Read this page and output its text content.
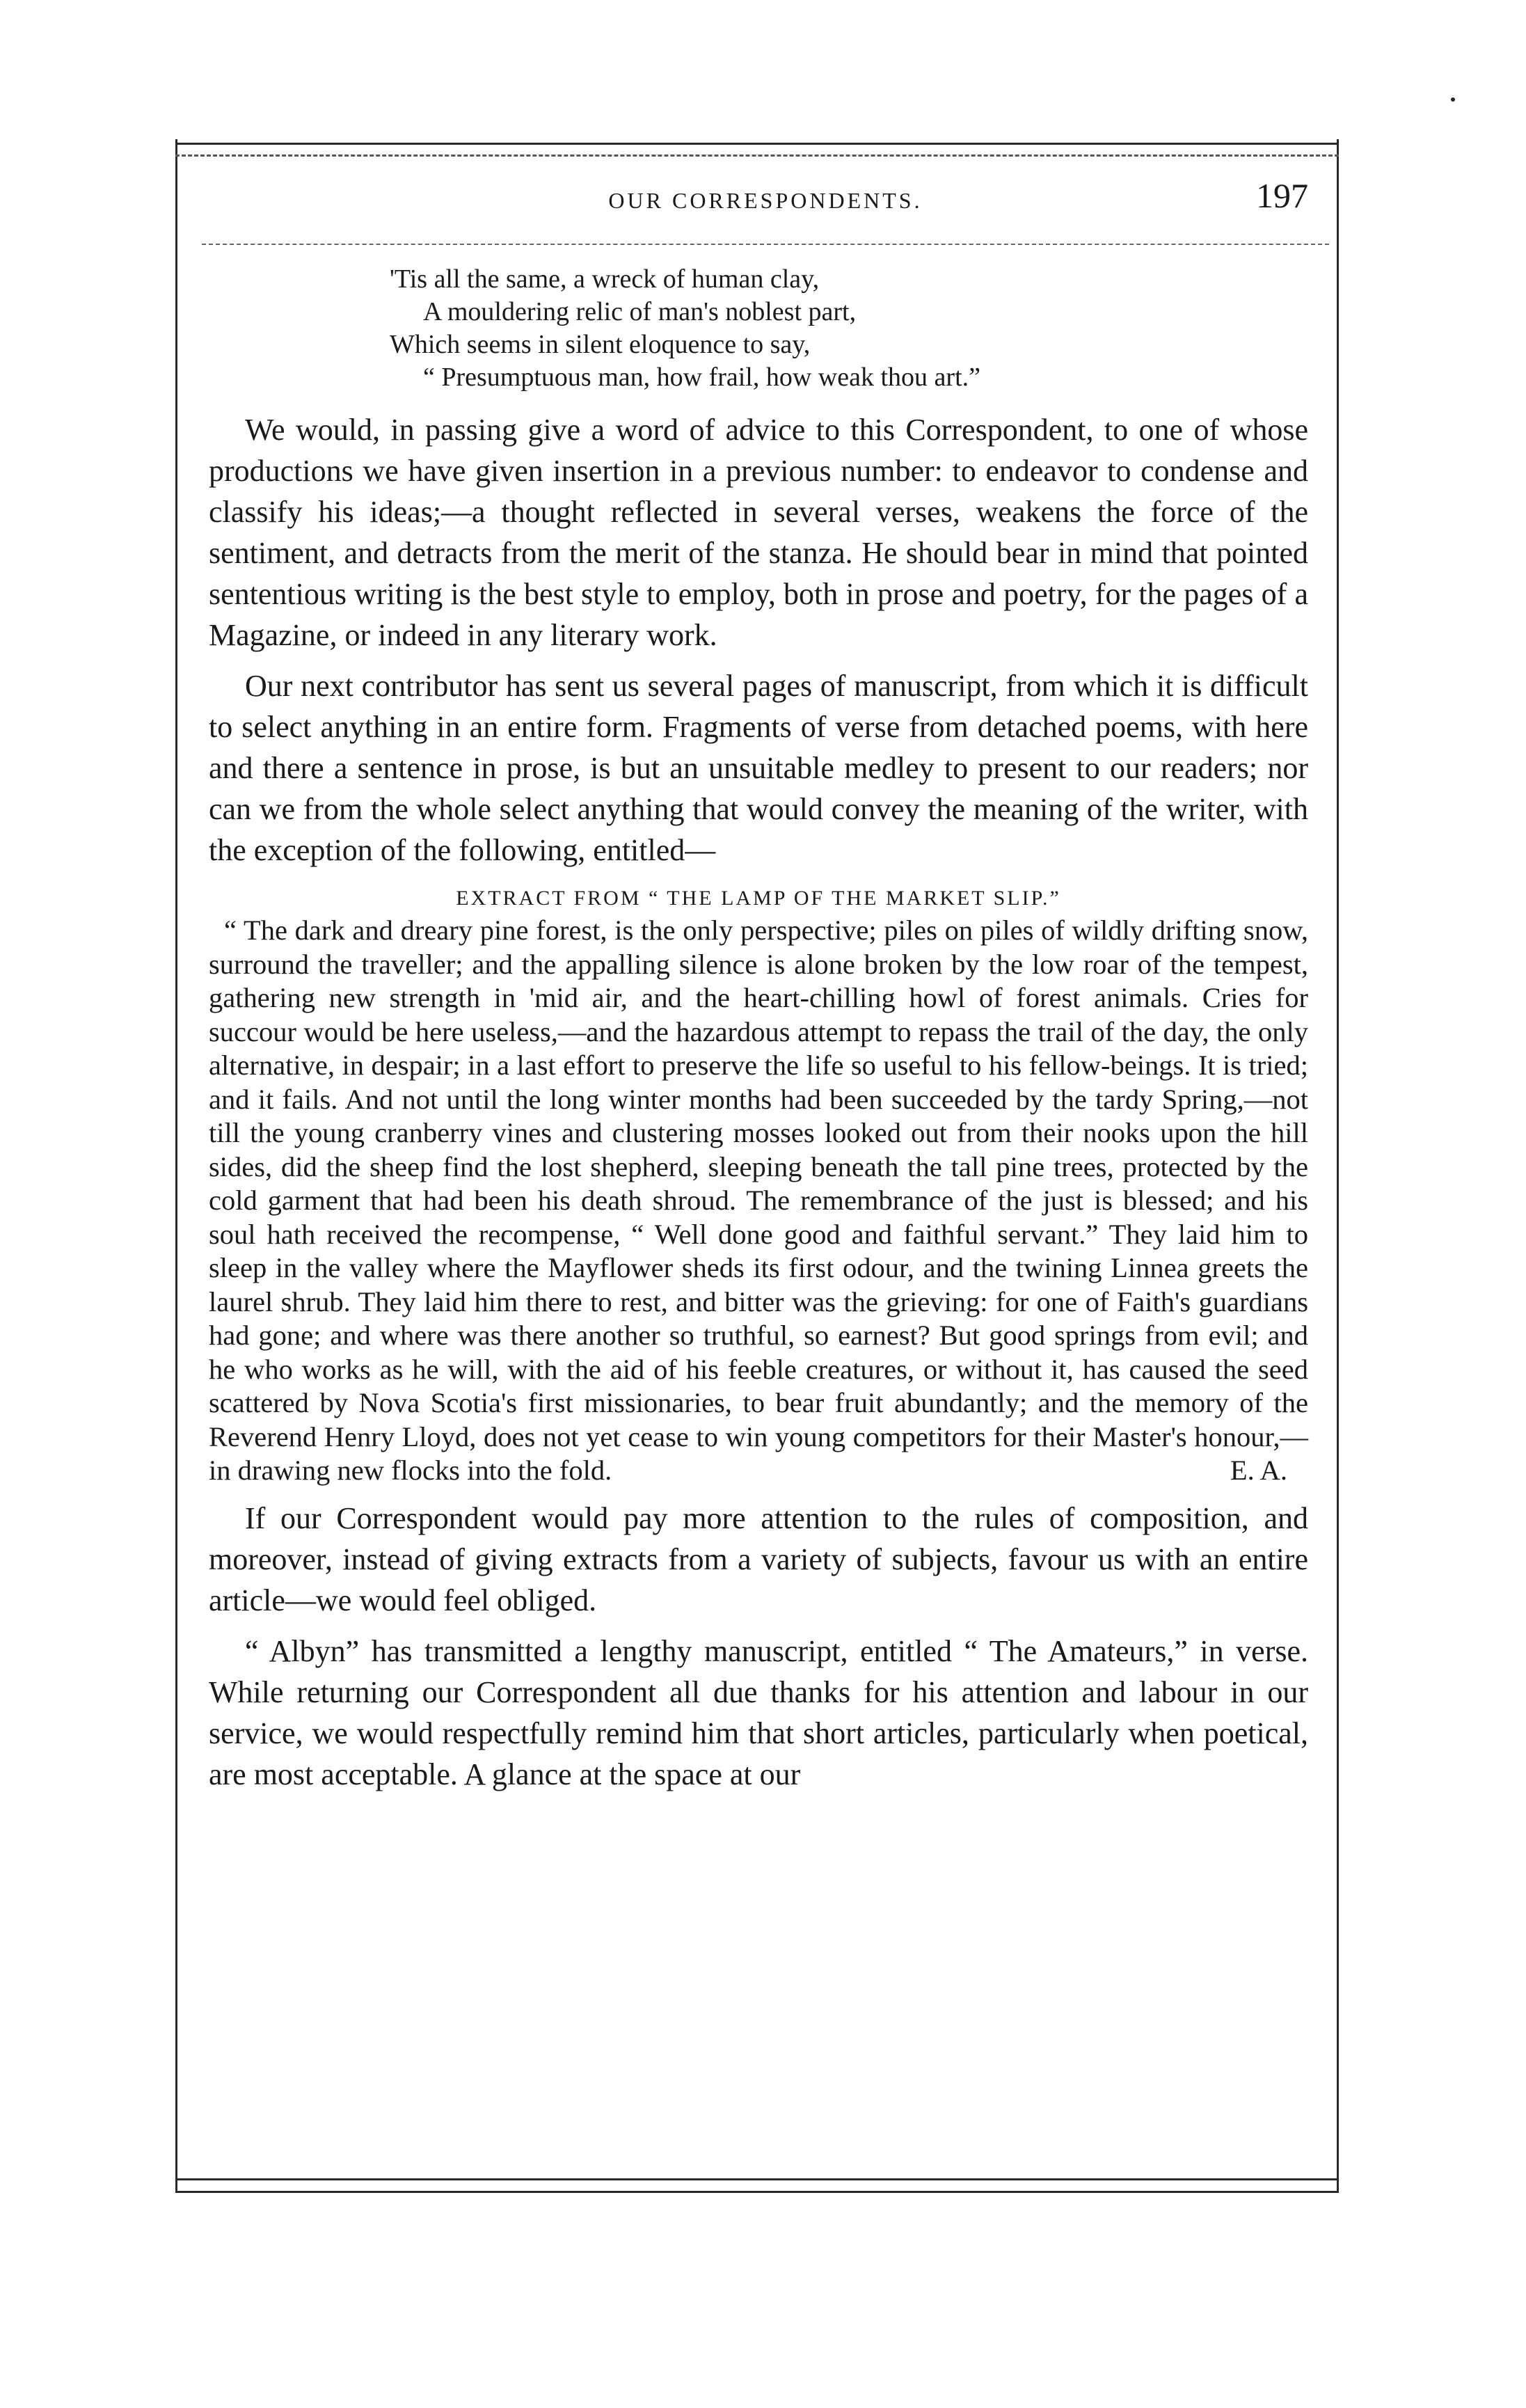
OUR CORRESPONDENTS.	197
'Tis all the same, a wreck of human clay,
A mouldering relic of man's noblest part,
Which seems in silent eloquence to say,
“ Presumptuous man, how frail, how weak thou art.”

We would, in passing give a word of advice to this Correspondent, to one of whose productions we have given insertion in a previous number: to endeavor to condense and classify his ideas;—a thought reflected in several verses, weakens the force of the sentiment, and detracts from the merit of the stanza. He should bear in mind that pointed sententious writing is the best style to employ, both in prose and poetry, for the pages of a Magazine, or indeed in any literary work.

Our next contributor has sent us several pages of manuscript, from which it is difficult to select anything in an entire form. Fragments of verse from detached poems, with here and there a sentence in prose, is but an unsuitable medley to present to our readers; nor can we from the whole select anything that would convey the meaning of the writer, with the exception of the following, entitled—

EXTRACT FROM “ THE LAMP OF THE MARKET SLIP.”

“ The dark and dreary pine forest, is the only perspective; piles on piles of wildly drifting snow, surround the traveller; and the appalling silence is alone broken by the low roar of the tempest, gathering new strength in 'mid air, and the heart-chilling howl of forest animals. Cries for succour would be here useless,—and the hazardous attempt to repass the trail of the day, the only alternative, in despair; in a last effort to preserve the life so useful to his fellow-beings. It is tried; and it fails. And not until the long winter months had been succeeded by the tardy Spring,—not till the young cranberry vines and clustering mosses looked out from their nooks upon the hill sides, did the sheep find the lost shepherd, sleeping beneath the tall pine trees, protected by the cold garment that had been his death shroud. The remembrance of the just is blessed; and his soul hath received the recompense, “ Well done good and faithful servant.” They laid him to sleep in the valley where the Mayflower sheds its first odour, and the twining Linnea greets the laurel shrub. They laid him there to rest, and bitter was the grieving: for one of Faith's guardians had gone; and where was there another so truthful, so earnest? But good springs from evil; and he who works as he will, with the aid of his feeble creatures, or without it, has caused the seed scattered by Nova Scotia's first missionaries, to bear fruit abundantly; and the memory of the Reverend Henry Lloyd, does not yet cease to win young competitors for their Master's honour,—in drawing new flocks into the fold.	E. A.

If our Correspondent would pay more attention to the rules of composition, and moreover, instead of giving extracts from a variety of subjects, favour us with an entire article—we would feel obliged.

“ Albyn” has transmitted a lengthy manuscript, entitled “ The Amateurs,” in verse. While returning our Correspondent all due thanks for his attention and labour in our service, we would respectfully remind him that short articles, particularly when poetical, are most acceptable. A glance at the space at our
